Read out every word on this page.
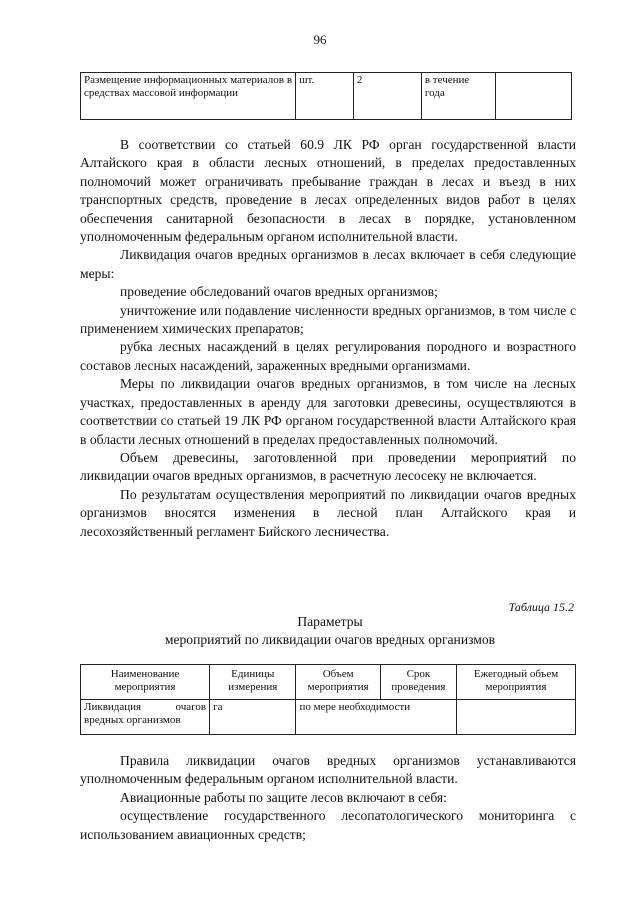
96
Размещение информационных материалов в средствах массовой информации	шт.	2	в течение года	

В соответствии со статьей 60.9 ЛК РФ орган государственной власти Алтайского края в области лесных отношений, в пределах предоставленных полномочий может ограничивать пребывание граждан в лесах и въезд в них транспортных средств, проведение в лесах определенных видов работ в целях обеспечения санитарной безопасности в лесах в порядке, установленном уполномоченным федеральным органом исполнительной власти.

Ликвидация очагов вредных организмов в лесах включает в себя следующие меры:

проведение обследований очагов вредных организмов;

уничтожение или подавление численности вредных организмов, в том числе с применением химических препаратов;

рубка лесных насаждений в целях регулирования породного и возрастного составов лесных насаждений, зараженных вредными организмами.

Меры по ликвидации очагов вредных организмов, в том числе на лесных участках, предоставленных в аренду для заготовки древесины, осуществляются в соответствии со статьей 19 ЛК РФ органом государственной власти Алтайского края в области лесных отношений в пределах предоставленных полномочий.

Объем древесины, заготовленной при проведении мероприятий по ликвидации очагов вредных организмов, в расчетную лесосеку не включается.

По результатам осуществления мероприятий по ликвидации очагов вредных организмов вносятся изменения в лесной план Алтайского края и лесохозяйственный регламент Бийского лесничества.

Таблица 15.2
Параметры
мероприятий по ликвидации очагов вредных организмов
Наименование мероприятия	Единицы измерения	Объем мероприятия	Срок проведения	Ежегодный объем мероприятия
Ликвидация очагов вредных организмов	га	по мере необходимости		

Правила ликвидации очагов вредных организмов устанавливаются уполномоченным федеральным органом исполнительной власти.

Авиационные работы по защите лесов включают в себя:

осуществление государственного лесопатологического мониторинга с использованием авиационных средств;
